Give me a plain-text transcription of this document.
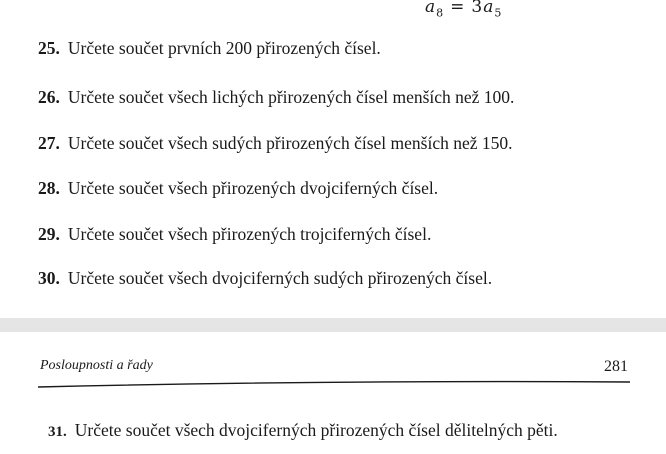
$a_8 = 3a_5$
25. Určete součet prvních 200 přirozených čísel.
26. Určete součet všech lichých přirozených čísel menších než 100.
27. Určete součet všech sudých přirozených čísel menších než 150.
28. Určete součet všech přirozených dvojciferných čísel.
29. Určete součet všech přirozených trojciferných čísel.
30. Určete součet všech dvojciferných sudých přirozených čísel.
Posloupnosti a řady	281
31. Určete součet všech dvojciferných přirozených čísel dělitelných pěti.
